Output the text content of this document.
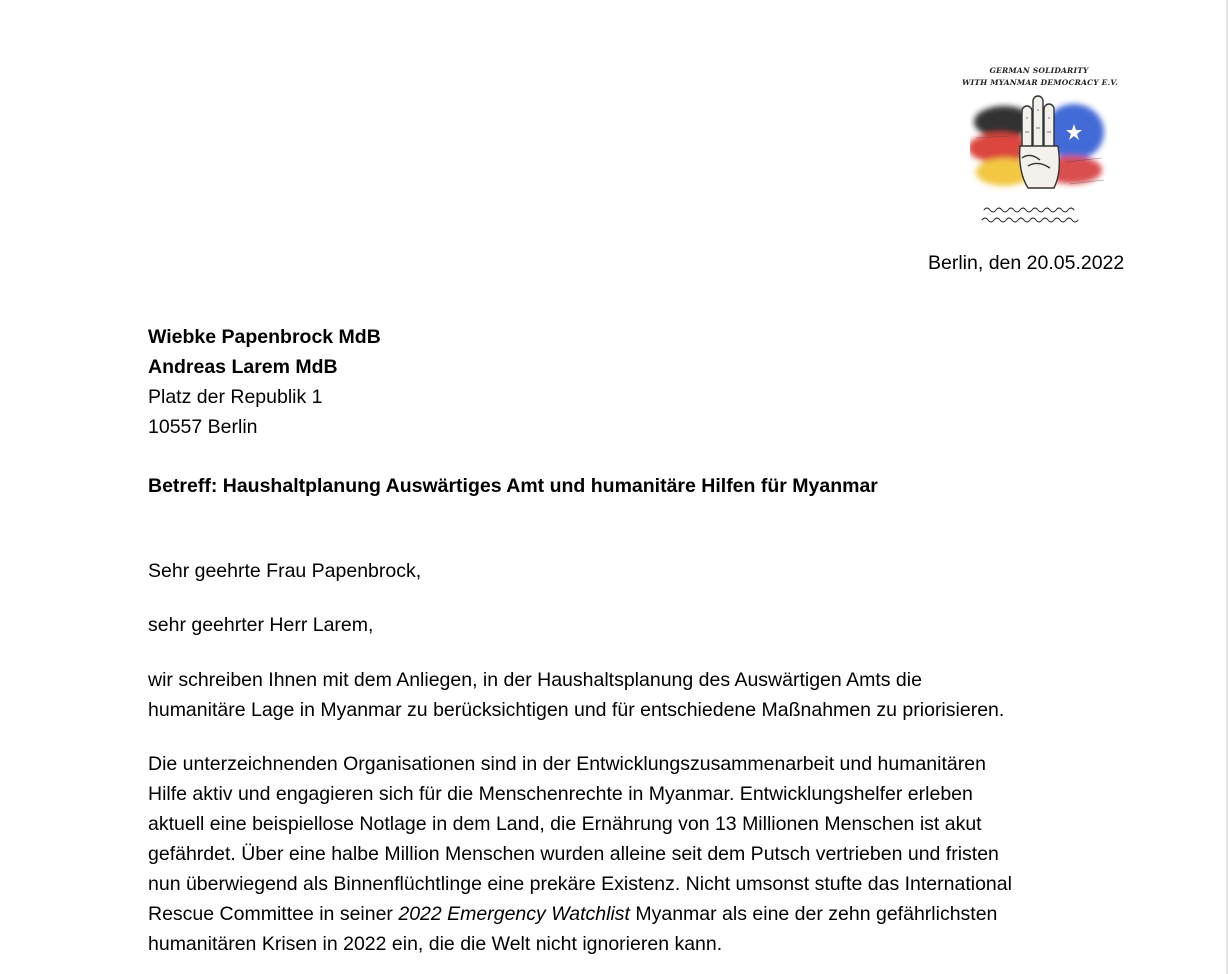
GERMAN SOLIDARITY
WITH MYANMAR DEMOCRACY E.V.
Berlin, den 20.05.2022
Wiebke Papenbrock MdB
Andreas Larem MdB
Platz der Republik 1
10557 Berlin
Betreff: Haushaltplanung Auswärtiges Amt und humanitäre Hilfen für Myanmar
Sehr geehrte Frau Papenbrock,
sehr geehrter Herr Larem,
wir schreiben Ihnen mit dem Anliegen, in der Haushaltsplanung des Auswärtigen Amts die
humanitäre Lage in Myanmar zu berücksichtigen und für entschiedene Maßnahmen zu priorisieren.
Die unterzeichnenden Organisationen sind in der Entwicklungszusammenarbeit und humanitären
Hilfe aktiv und engagieren sich für die Menschenrechte in Myanmar. Entwicklungshelfer erleben
aktuell eine beispiellose Notlage in dem Land, die Ernährung von 13 Millionen Menschen ist akut
gefährdet. Über eine halbe Million Menschen wurden alleine seit dem Putsch vertrieben und fristen
nun überwiegend als Binnenflüchtlinge eine prekäre Existenz. Nicht umsonst stufte das International
Rescue Committee in seiner 2022 Emergency Watchlist Myanmar als eine der zehn gefährlichsten
humanitären Krisen in 2022 ein, die die Welt nicht ignorieren kann.
